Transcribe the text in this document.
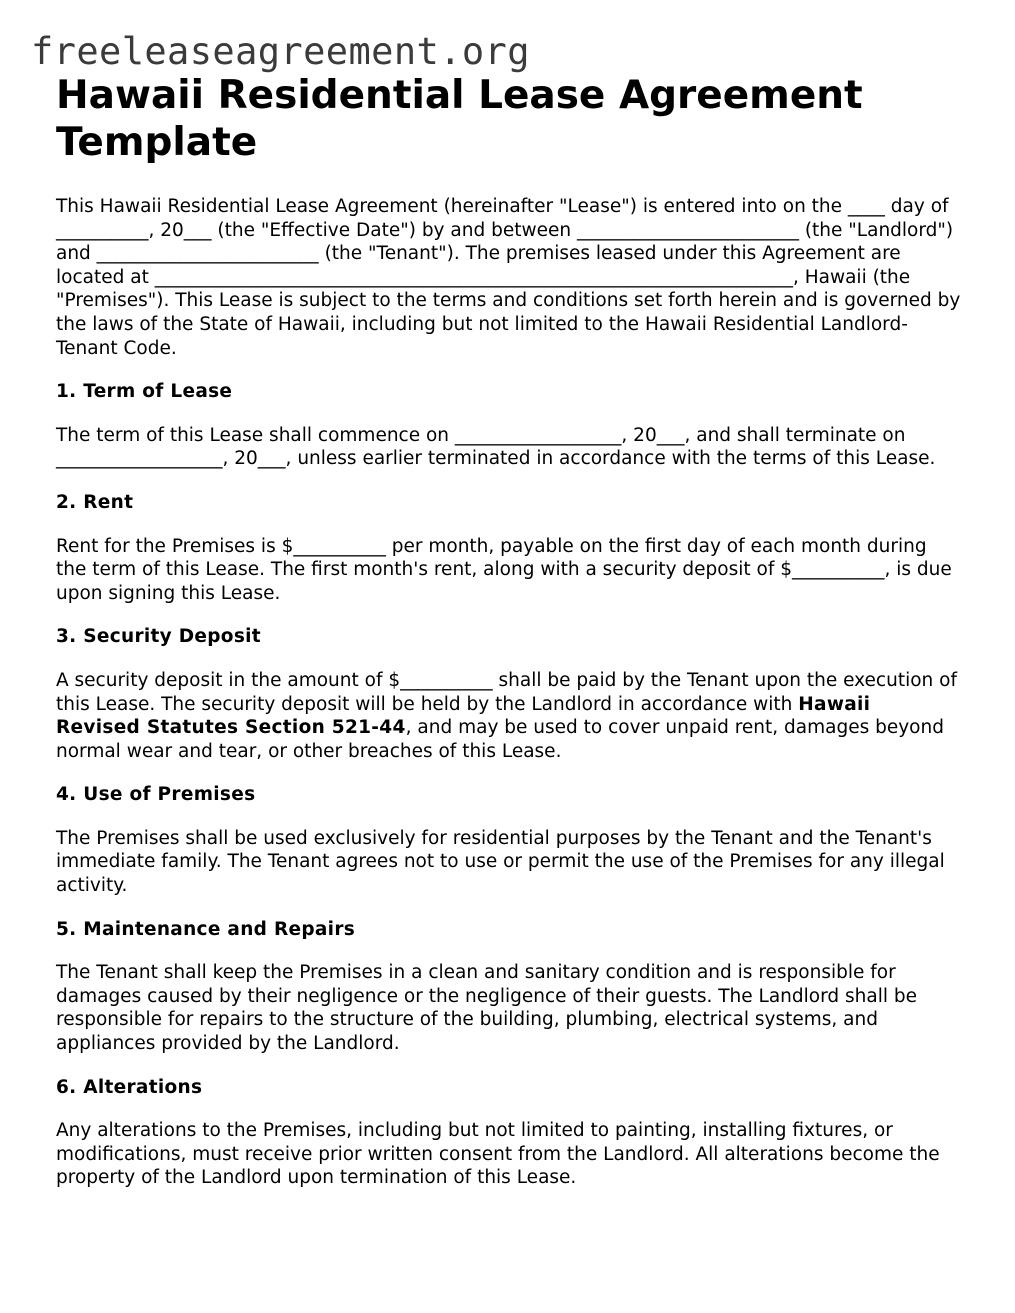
freeleaseagreement.org
Hawaii Residential Lease Agreement Template

This Hawaii Residential Lease Agreement (hereinafter "Lease") is entered into on the ____ day of __________, 20___ (the "Effective Date") by and between ________________________ (the "Landlord") and ________________________ (the "Tenant"). The premises leased under this Agreement are located at _____________________________________________________________________, Hawaii (the "Premises"). This Lease is subject to the terms and conditions set forth herein and is governed by the laws of the State of Hawaii, including but not limited to the Hawaii Residential Landlord-Tenant Code.

1. Term of Lease

The term of this Lease shall commence on __________________, 20___, and shall terminate on __________________, 20___, unless earlier terminated in accordance with the terms of this Lease.

2. Rent

Rent for the Premises is $__________ per month, payable on the first day of each month during the term of this Lease. The first month's rent, along with a security deposit of $__________, is due upon signing this Lease.

3. Security Deposit

A security deposit in the amount of $__________ shall be paid by the Tenant upon the execution of this Lease. The security deposit will be held by the Landlord in accordance with Hawaii Revised Statutes Section 521-44, and may be used to cover unpaid rent, damages beyond normal wear and tear, or other breaches of this Lease.

4. Use of Premises

The Premises shall be used exclusively for residential purposes by the Tenant and the Tenant's immediate family. The Tenant agrees not to use or permit the use of the Premises for any illegal activity.

5. Maintenance and Repairs

The Tenant shall keep the Premises in a clean and sanitary condition and is responsible for damages caused by their negligence or the negligence of their guests. The Landlord shall be responsible for repairs to the structure of the building, plumbing, electrical systems, and appliances provided by the Landlord.

6. Alterations

Any alterations to the Premises, including but not limited to painting, installing fixtures, or modifications, must receive prior written consent from the Landlord. All alterations become the property of the Landlord upon termination of this Lease.
